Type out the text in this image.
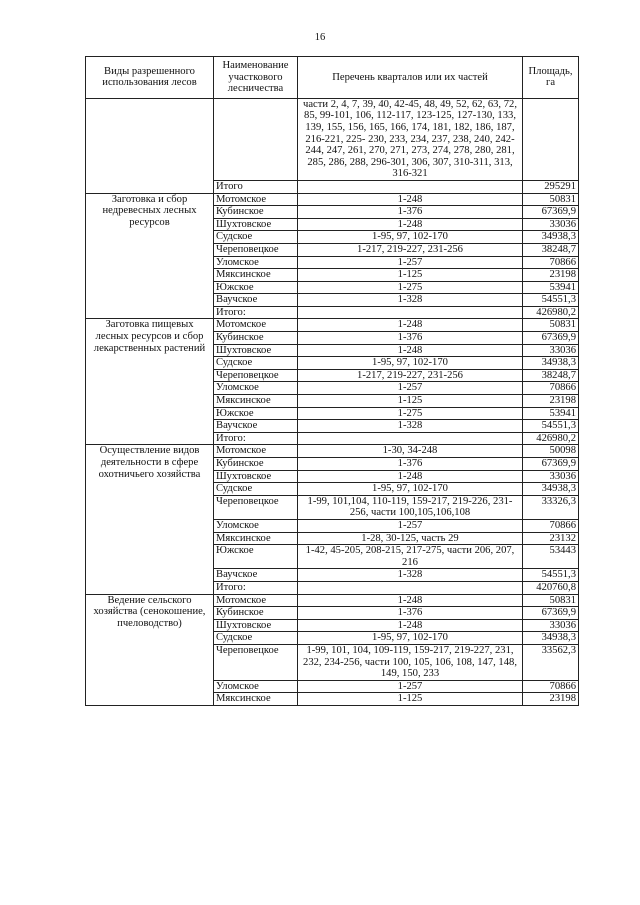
16
Виды разрешенного использования лесов	Наименование участкового лесничества	Перечень кварталов или их частей	Площадь, га
		части 2, 4, 7, 39, 40, 42-45, 48, 49, 52, 62, 63, 72, 85, 99-101, 106, 112-117, 123-125, 127-130, 133, 139, 155, 156, 165, 166, 174, 181, 182, 186, 187, 216-221, 225- 230, 233, 234, 237, 238, 240, 242-244, 247, 261, 270, 271, 273, 274, 278, 280, 281, 285, 286, 288, 296-301, 306, 307, 310-311, 313, 316-321	
	Итого		295291
Заготовка и сбор недревесных лесных ресурсов	Мотомское	1-248	50831
	Кубинское	1-376	67369,9
	Шухтовское	1-248	33036
	Судское	1-95, 97, 102-170	34938,3
	Череповецкое	1-217, 219-227, 231-256	38248,7
	Уломское	1-257	70866
	Мяксинское	1-125	23198
	Южское	1-275	53941
	Ваучское	1-328	54551,3
	Итого:		426980,2
Заготовка пищевых лесных ресурсов и сбор лекарственных растений	Мотомское	1-248	50831
	Кубинское	1-376	67369,9
	Шухтовское	1-248	33036
	Судское	1-95, 97, 102-170	34938,3
	Череповецкое	1-217, 219-227, 231-256	38248,7
	Уломское	1-257	70866
	Мяксинское	1-125	23198
	Южское	1-275	53941
	Ваучское	1-328	54551,3
	Итого:		426980,2
Осуществление видов деятельности в сфере охотничьего хозяйства	Мотомское	1-30, 34-248	50098
	Кубинское	1-376	67369,9
	Шухтовское	1-248	33036
	Судское	1-95, 97, 102-170	34938,3
	Череповецкое	1-99, 101,104, 110-119, 159-217, 219-226, 231-256, части 100,105,106,108	33326,3
	Уломское	1-257	70866
	Мяксинское	1-28, 30-125, часть 29	23132
	Южское	1-42, 45-205, 208-215, 217-275, части 206, 207, 216	53443
	Ваучское	1-328	54551,3
	Итого:		420760,8
Ведение сельского хозяйства (сенокошение, пчеловодство)	Мотомское	1-248	50831
	Кубинское	1-376	67369,9
	Шухтовское	1-248	33036
	Судское	1-95, 97, 102-170	34938,3
	Череповецкое	1-99, 101, 104, 109-119, 159-217, 219-227, 231, 232, 234-256, части 100, 105, 106, 108, 147, 148, 149, 150, 233	33562,3
	Уломское	1-257	70866
	Мяксинское	1-125	23198
